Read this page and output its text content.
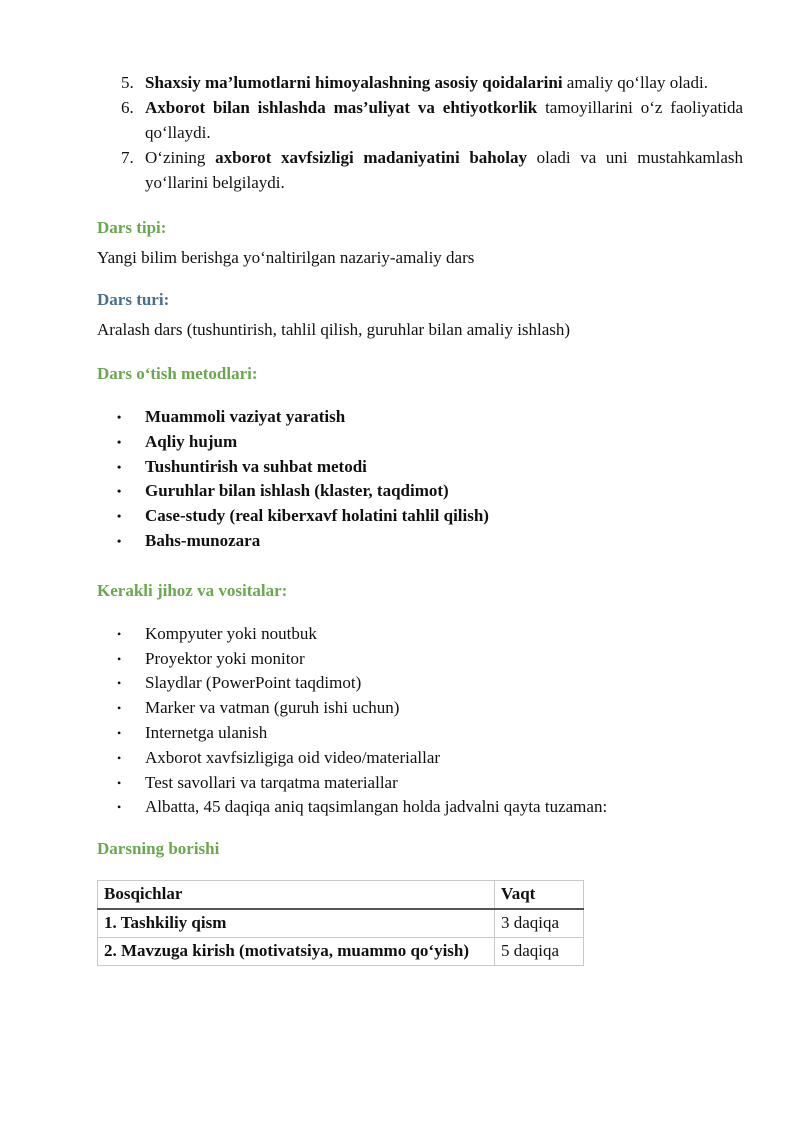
5. Shaxsiy ma’lumotlarni himoyalashning asosiy qoidalarini amaliy qo‘llay oladi.
6. Axborot bilan ishlashda mas’uliyat va ehtiyotkorlik tamoyillarini o‘z faoliyatida qo‘llaydi.
7. O‘zining axborot xavfsizligi madaniyatini baholay oladi va uni mustahkamlash yo‘llarini belgilaydi.
Dars tipi:

Yangi bilim berishga yo‘naltirilgan nazariy-amaliy dars

Dars turi:

Aralash dars (tushuntirish, tahlil qilish, guruhlar bilan amaliy ishlash)

Dars o‘tish metodlari:
• Muammoli vaziyat yaratish
• Aqliy hujum
• Tushuntirish va suhbat metodi
• Guruhlar bilan ishlash (klaster, taqdimot)
• Case-study (real kiberxavf holatini tahlil qilish)
• Bahs-munozara
Kerakli jihoz va vositalar:
• Kompyuter yoki noutbuk
• Proyektor yoki monitor
• Slaydlar (PowerPoint taqdimot)
• Marker va vatman (guruh ishi uchun)
• Internetga ulanish
• Axborot xavfsizligiga oid video/materiallar
• Test savollari va tarqatma materiallar
• Albatta, 45 daqiqa aniq taqsimlangan holda jadvalni qayta tuzaman:
Darsning borishi
Bosqichlar	Vaqt
1. Tashkiliy qism	3 daqiqa
2. Mavzuga kirish (motivatsiya, muammo qo‘yish)	5 daqiqa
